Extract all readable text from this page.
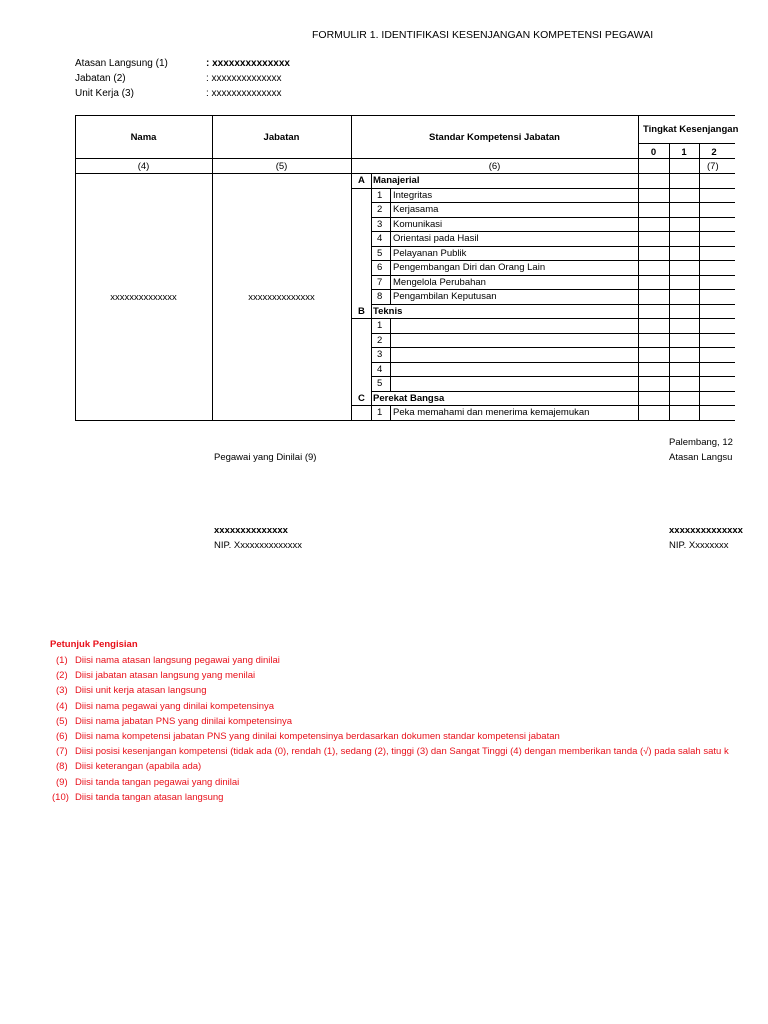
FORMULIR 1. IDENTIFIKASI KESENJANGAN KOMPETENSI PEGAWAI
Atasan Langsung (1)	: xxxxxxxxxxxxxx
Jabatan (2)	: xxxxxxxxxxxxxx
Unit Kerja (3)	: xxxxxxxxxxxxxx
Nama	Jabatan	Standar Kompetensi Jabatan
Tingkat Kesenjangan
0	1	2
(4)	(5)	(6)	(7)
xxxxxxxxxxxxxx	xxxxxxxxxxxxxx
A Manajerial
1 Integritas
2 Kerjasama
3 Komunikasi
4 Orientasi pada Hasil
5 Pelayanan Publik
6 Pengembangan Diri dan Orang Lain
7 Mengelola Perubahan
8 Pengambilan Keputusan
B Teknis
1
2
3
4
5
C Perekat Bangsa
1 Peka memahami dan menerima kemajemukan
Palembang, 12
Pegawai yang Dinilai (9)	Atasan Langsu
xxxxxxxxxxxxxx
NIP. Xxxxxxxxxxxxxx
xxxxxxxxxxxxxx
NIP. Xxxxxxxx
Petunjuk Pengisian
(1) Diisi nama atasan langsung pegawai yang dinilai
(2) Diisi jabatan atasan langsung yang menilai
(3) Diisi unit kerja atasan langsung
(4) Diisi nama pegawai yang dinilai kompetensinya
(5) Diisi nama jabatan PNS yang dinilai kompetensinya
(6) Diisi nama kompetensi jabatan PNS yang dinilai kompetensinya berdasarkan dokumen standar kompetensi jabatan
(7) Diisi posisi kesenjangan kompetensi (tidak ada (0), rendah (1), sedang (2), tinggi (3) dan Sangat Tinggi (4) dengan memberikan tanda (√) pada salah satu k
(8) Diisi keterangan (apabila ada)
(9) Diisi tanda tangan pegawai yang dinilai
(10) Diisi tanda tangan atasan langsung
